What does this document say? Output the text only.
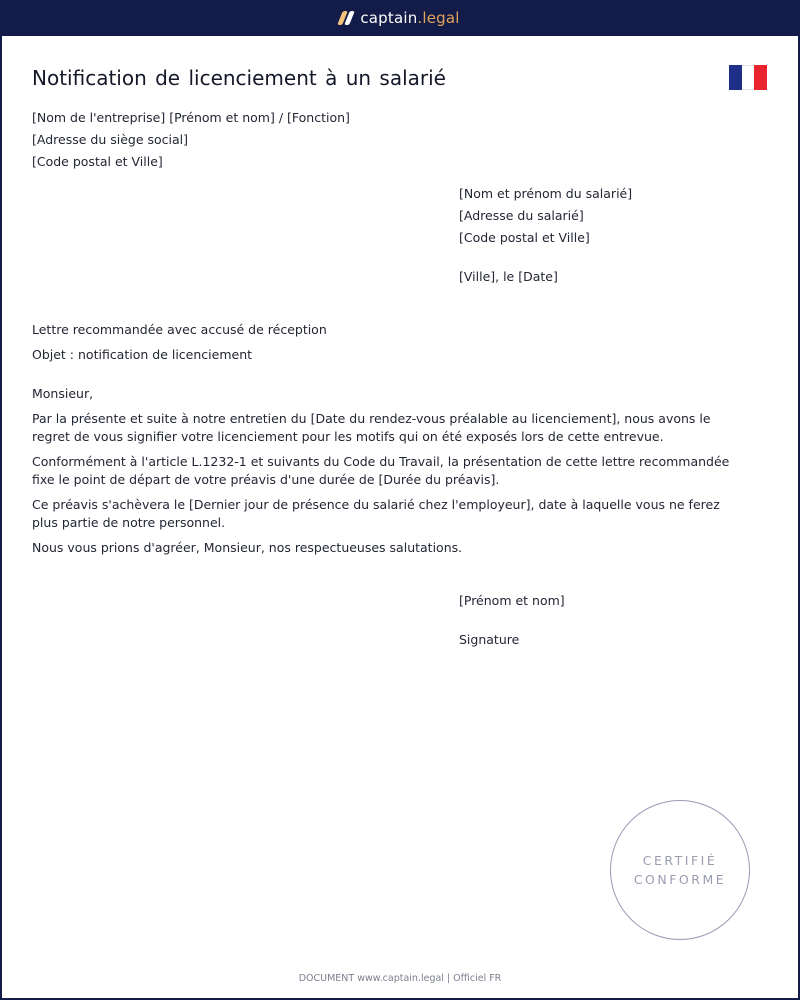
captain.legal
Notification de licenciement à un salarié
[Nom de l'entreprise] [Prénom et nom] / [Fonction]
[Adresse du siège social]
[Code postal et Ville]
[Nom et prénom du salarié]
[Adresse du salarié]
[Code postal et Ville]
[Ville], le [Date]
Lettre recommandée avec accusé de réception
Objet : notification de licenciement
Monsieur,

Par la présente et suite à notre entretien du [Date du rendez-vous préalable au licenciement], nous avons le regret de vous signifier votre licenciement pour les motifs qui on été exposés lors de cette entrevue.

Conformément à l'article L.1232-1 et suivants du Code du Travail, la présentation de cette lettre recommandée fixe le point de départ de votre préavis d'une durée de [Durée du préavis].

Ce préavis s'achèvera le [Dernier jour de présence du salarié chez l'employeur], date à laquelle vous ne ferez plus partie de notre personnel.

Nous vous prions d'agréer, Monsieur, nos respectueuses salutations.

[Prénom et nom]
Signature
CERTIFIÉ
CONFORME
DOCUMENT www.captain.legal | Officiel FR
